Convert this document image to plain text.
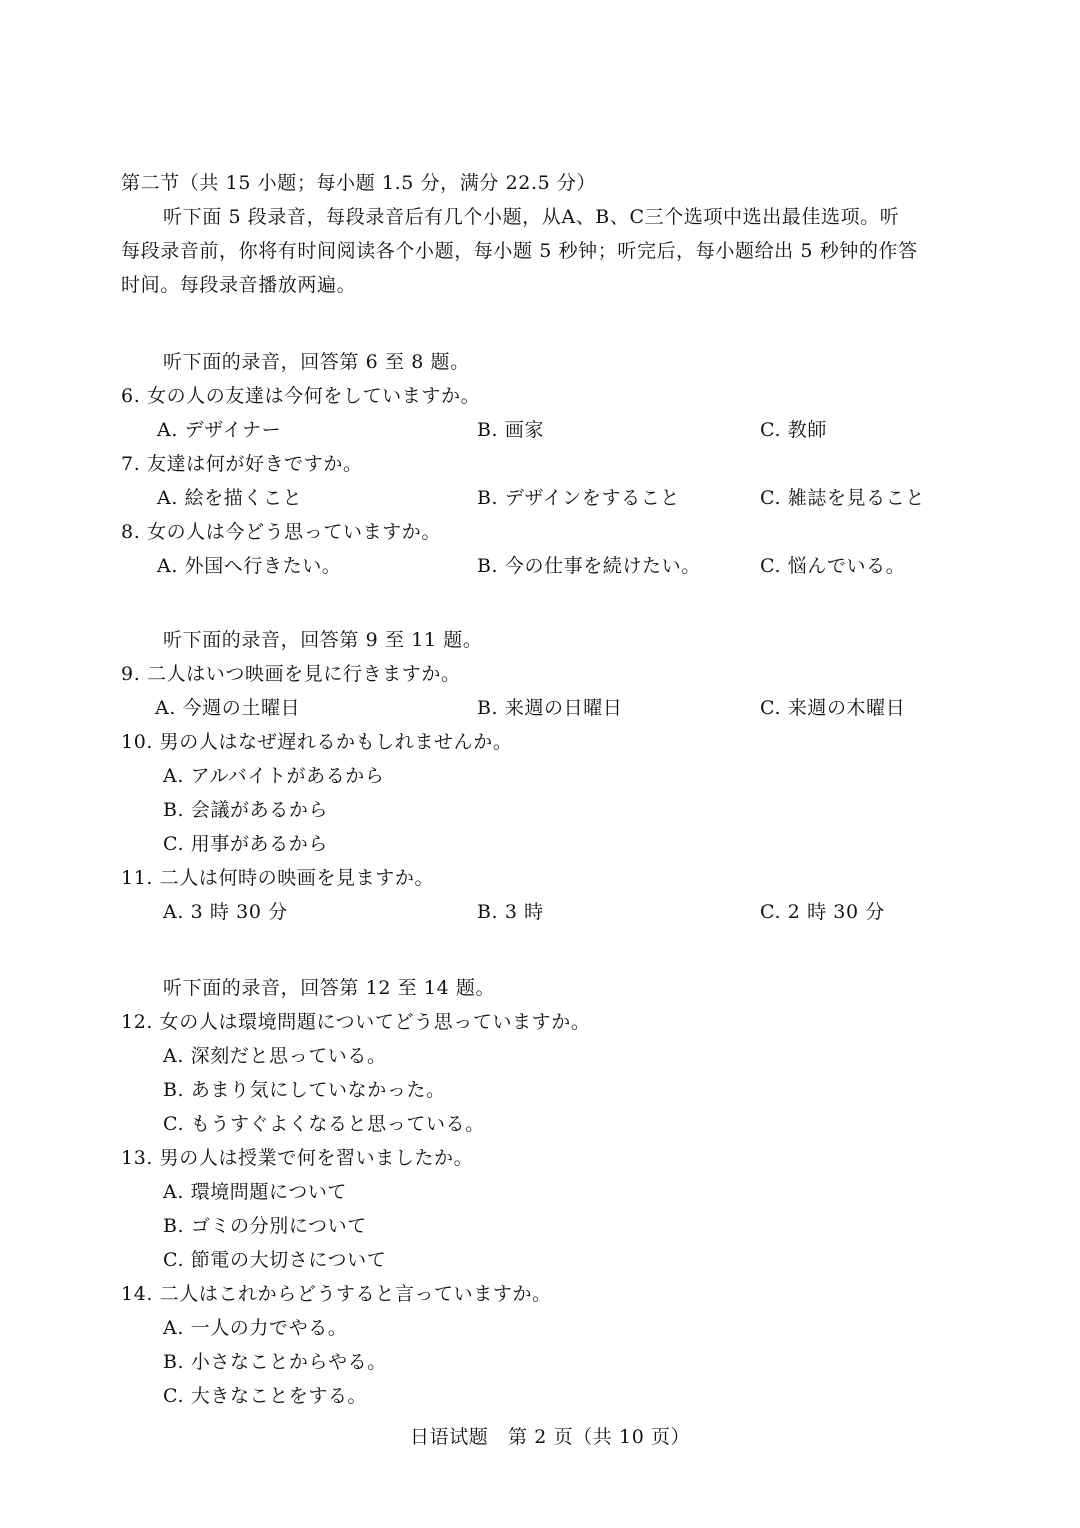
第二节（共 15 小题；每小题 1.5 分，满分 22.5 分）
听下面 5 段录音，每段录音后有几个小题，从A、B、C三个选项中选出最佳选项。听
每段录音前，你将有时间阅读各个小题，每小题 5 秒钟；听完后，每小题给出 5 秒钟的作答
时间。每段录音播放两遍。
听下面的录音，回答第 6 至 8 题。
6. 女の人の友達は今何をしていますか。
A. デザイナー	B. 画家	C. 教師
7. 友達は何が好きですか。
A. 絵を描くこと	B. デザインをすること	C. 雑誌を見ること
8. 女の人は今どう思っていますか。
A. 外国へ行きたい。	B. 今の仕事を続けたい。	C. 悩んでいる。
听下面的录音，回答第 9 至 11 题。
9. 二人はいつ映画を見に行きますか。
A. 今週の土曜日	B. 来週の日曜日	C. 来週の木曜日
10. 男の人はなぜ遅れるかもしれませんか。
A. アルバイトがあるから
B. 会議があるから
C. 用事があるから
11. 二人は何時の映画を見ますか。
A. 3 時 30 分	B. 3 時	C. 2 時 30 分
听下面的录音，回答第 12 至 14 题。
12. 女の人は環境問題についてどう思っていますか。
A. 深刻だと思っている。
B. あまり気にしていなかった。
C. もうすぐよくなると思っている。
13. 男の人は授業で何を習いましたか。
A. 環境問題について
B. ゴミの分別について
C. 節電の大切さについて
14. 二人はこれからどうすると言っていますか。
A. 一人の力でやる。
B. 小さなことからやる。
C. 大きなことをする。
日语试题　第 2 页（共 10 页）
